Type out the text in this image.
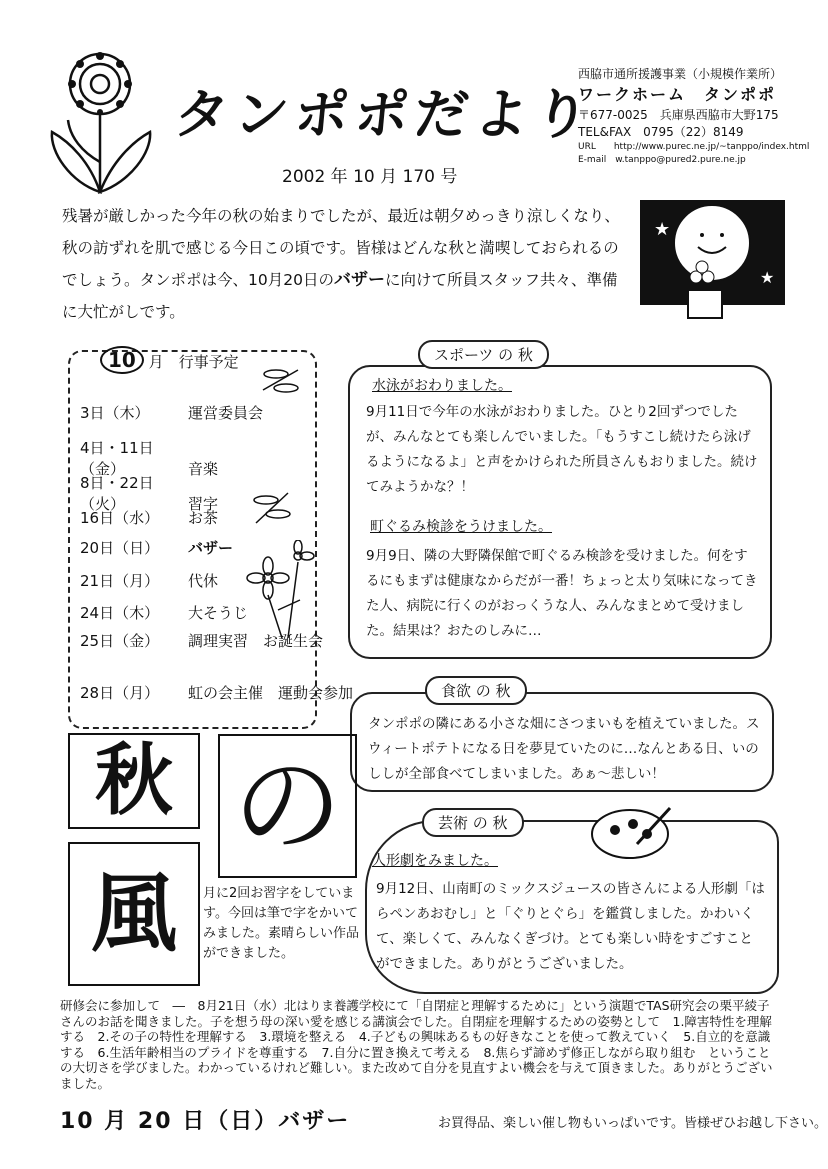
タンポポだより
2002 年 10 月 170 号
西脇市通所援護事業（小規模作業所）
ワークホーム　タンポポ
〒677-0025　兵庫県西脇市大野175
TEL&FAX　0795（22）8149
URL　　http://www.purec.ne.jp/~tanppo/index.html
E-mail　w.tanppo@pured2.pure.ne.jp
★
★
残暑が厳しかった今年の秋の始まりでしたが、最近は朝夕めっきり涼しくなり、秋の訪ずれを肌で感じる今日この頃です。皆様はどんな秋と満喫しておられるのでしょう。タンポポは今、10月20日のバザーに向けて所員スタッフ共々、準備に大忙がしです。
10 月　行事予定
3日（木）	運営委員会
4日・11日（金）	音楽
8日・22日（火）	習字
16日（水） お茶
20日（日） バザー
21日（月） 代休
24日（木） 大そうじ
25日（金） 調理実習　お誕生会
28日（月） 虹の会主催　運動会参加
スポーツ の 秋
水泳がおわりました。
9月11日で今年の水泳がおわりました。ひとり2回ずつでしたが、みんなとても楽しんでいました。「もうすこし続けたら泳げるようになるよ」と声をかけられた所員さんもおりました。続けてみようかな？！
町ぐるみ検診をうけました。
9月9日、隣の大野隣保館で町ぐるみ検診を受けました。何をするにもまずは健康なからだが一番！ちょっと太り気味になってきた人、病院に行くのがおっくうな人、みんなまとめて受けました。結果は？おたのしみに…
食欲 の 秋
タンポポの隣にある小さな畑にさつまいもを植えていました。スウィートポテトになる日を夢見ていたのに…なんとある日、いのししが全部食べてしまいました。あぁ〜悲しい！
芸術 の 秋
人形劇をみました。
9月12日、山南町のミックスジュースの皆さんによる人形劇「はらペンあおむし」と「ぐりとぐら」を鑑賞しました。かわいくて、楽しくて、みんなくぎづけ。とても楽しい時をすごすことができました。ありがとうございました。
秋
風
の
月に2回お習字をしています。今回は筆で字をかいてみました。素晴らしい作品ができました。
研修会に参加して　―　8月21日（水）北はりま養護学校にて「自閉症と理解するために」という演題でTAS研究会の栗平綾子さんのお話を聞きました。子を想う母の深い愛を感じる講演会でした。自閉症を理解するための姿勢として　1.障害特性を理解する　2.その子の特性を理解する　3.環境を整える　4.子どもの興味あるもの好きなことを使って教えていく　5.自立的を意識する　6.生活年齢相当のプライドを尊重する　7.自分に置き換えて考える　8.焦らず諦めず修正しながら取り組む　ということの大切さを学びました。わかっているけれど難しい。また改めて自分を見直すよい機会を与えて頂きました。ありがとうございました。
10 月 20 日（日）バザー	お買得品、楽しい催し物もいっぱいです。皆様ぜひお越し下さい。
